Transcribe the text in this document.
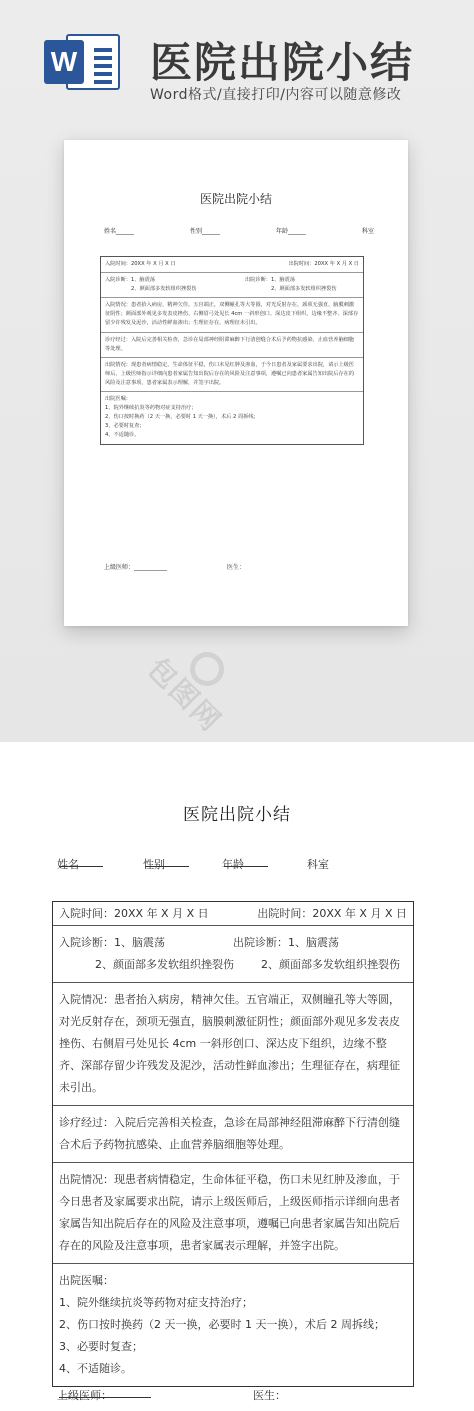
W 医院出院小结
Word格式/直接打印/内容可以随意修改
医院出院小结
姓名______	性别______	年龄______	科室
入院时间：20XX 年 X 月 X 日	出院时间：20XX 年 X 月 X 日
入院诊断：1、脑震荡	出院诊断：1、脑震荡
2、颜面部多发软组织挫裂伤	2、颜面部多发软组织挫裂伤
入院情况：患者抬入病房，精神欠佳。五官端正，双侧瞳孔等大等圆，对光反射存在，颈项无强直，脑膜刺激征阴性；颜面部外观见多发表皮挫伤、右侧眉弓处见长 4cm 一斜形创口、深达皮下组织，边缘不整齐、深部存留少许残发及泥沙，活动性鲜血渗出；生理征存在，病理征未引出。
诊疗经过：入院后完善相关检查，急诊在局部神经阻滞麻醉下行清创缝合术后予药物抗感染、止血营养脑细胞等处理。
出院情况：现患者病情稳定，生命体征平稳，伤口未见红肿及渗血，于今日患者及家属要求出院，请示上级医师后，上级医师指示详细向患者家属告知出院后存在的风险及注意事项，遵嘱已向患者家属告知出院后存在的风险及注意事项，患者家属表示理解，并签字出院。
出院医嘱：
1、院外继续抗炎等药物对症支持治疗；
2、伤口按时换药（2 天一换，必要时 1 天一换），术后 2 周拆线；
3、必要时复查；
4、不适随诊。
上级医师：___________	医生：
包图网
医院出院小结
姓名	性别	年龄	科室
入院时间：20XX 年 X 月 X 日	出院时间：20XX 年 X 月 X 日
入院诊断：1、脑震荡	出院诊断：1、脑震荡
2、颜面部多发软组织挫裂伤	2、颜面部多发软组织挫裂伤
入院情况：患者抬入病房，精神欠佳。五官端正，双侧瞳孔等大等圆，对光反射存在，颈项无强直，脑膜刺激征阴性；颜面部外观见多发表皮挫伤、右侧眉弓处见长 4cm 一斜形创口、深达皮下组织，边缘不整齐、深部存留少许残发及泥沙，活动性鲜血渗出；生理征存在，病理征未引出。
诊疗经过：入院后完善相关检查，急诊在局部神经阻滞麻醉下行清创缝合术后予药物抗感染、止血营养脑细胞等处理。
出院情况：现患者病情稳定，生命体征平稳，伤口未见红肿及渗血，于今日患者及家属要求出院，请示上级医师后，上级医师指示详细向患者家属告知出院后存在的风险及注意事项，遵嘱已向患者家属告知出院后存在的风险及注意事项，患者家属表示理解，并签字出院。
出院医嘱：
1、院外继续抗炎等药物对症支持治疗；
2、伤口按时换药（2 天一换，必要时 1 天一换），术后 2 周拆线；
3、必要时复查；
4、不适随诊。
上级医师：	医生：
